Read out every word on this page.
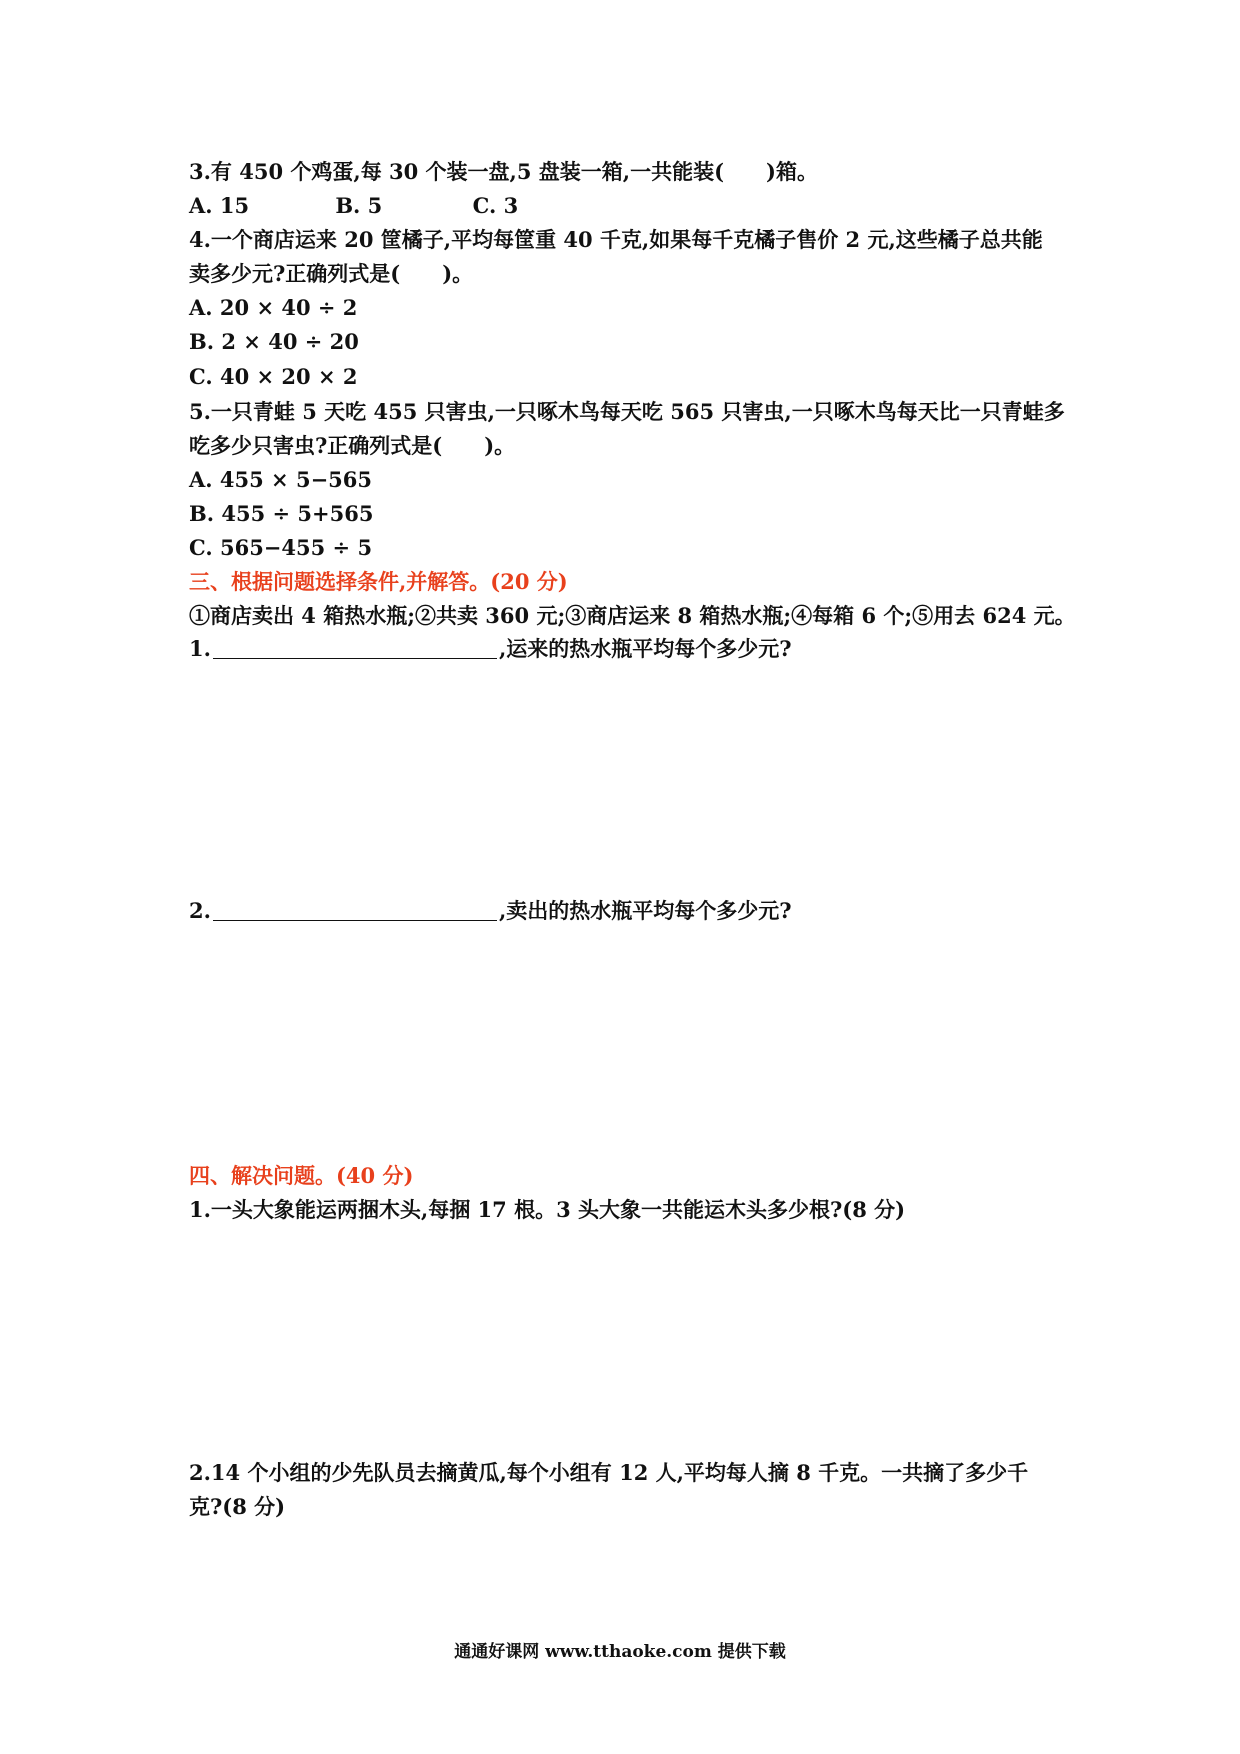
3.有 450 个鸡蛋,每 30 个装一盘,5 盘装一箱,一共能装(　　)箱。
A. 15	B. 5	C. 3
4.一个商店运来 20 筐橘子,平均每筐重 40 千克,如果每千克橘子售价 2 元,这些橘子总共能
卖多少元?正确列式是(　　)。
A. 20 × 40 ÷ 2
B. 2 × 40 ÷ 20
C. 40 × 20 × 2
5.一只青蛙 5 天吃 455 只害虫,一只啄木鸟每天吃 565 只害虫,一只啄木鸟每天比一只青蛙多
吃多少只害虫?正确列式是(　　)。
A. 455 × 5−565
B. 455 ÷ 5+565
C. 565−455 ÷ 5
三、根据问题选择条件,并解答。(20 分)
①商店卖出 4 箱热水瓶;②共卖 360 元;③商店运来 8 箱热水瓶;④每箱 6 个;⑤用去 624 元。
1.	,运来的热水瓶平均每个多少元?
2.	,卖出的热水瓶平均每个多少元?
四、解决问题。(40 分)
1.一头大象能运两捆木头,每捆 17 根。3 头大象一共能运木头多少根?(8 分)
2.14 个小组的少先队员去摘黄瓜,每个小组有 12 人,平均每人摘 8 千克。一共摘了多少千
克?(8 分)
通通好课网 www.tthaoke.com 提供下载
